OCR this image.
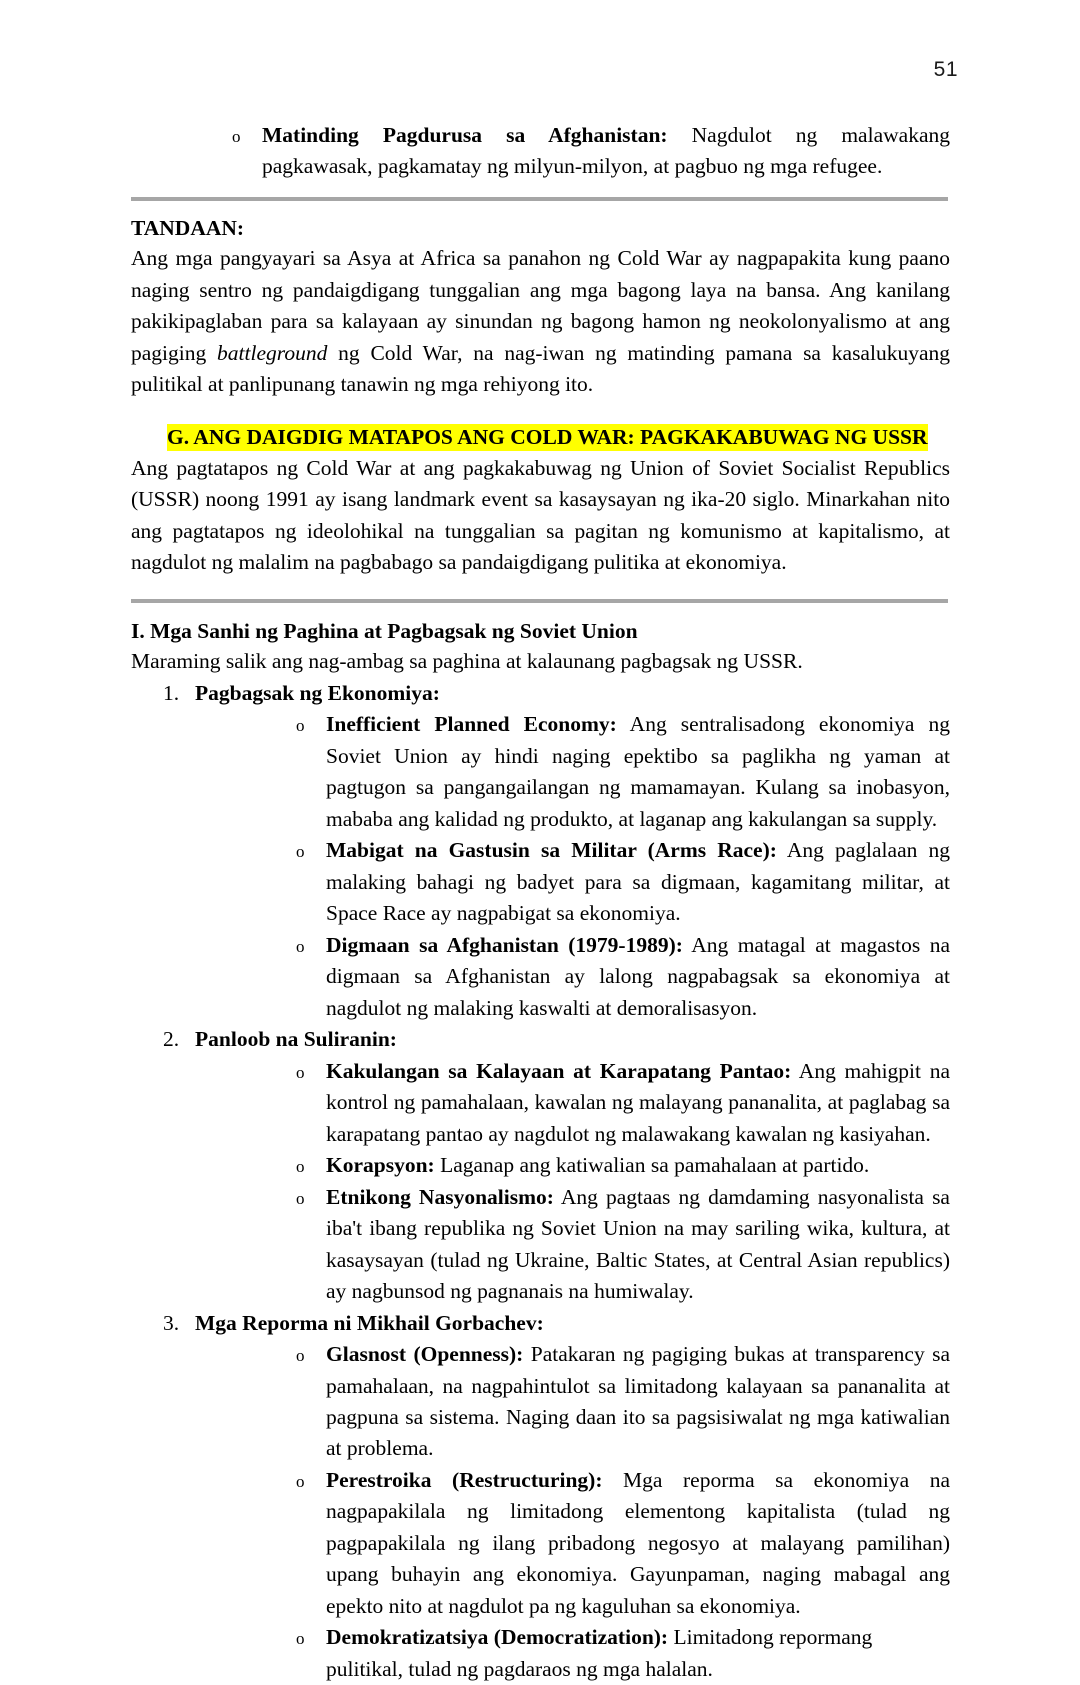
51
o Matinding Pagdurusa sa Afghanistan: Nagdulot ng malawakang pagkawasak, pagkamatay ng milyun-milyon, at pagbuo ng mga refugee.
TANDAAN:

Ang mga pangyayari sa Asya at Africa sa panahon ng Cold War ay nagpapakita kung paano naging sentro ng pandaigdigang tunggalian ang mga bagong laya na bansa. Ang kanilang pakikipaglaban para sa kalayaan ay sinundan ng bagong hamon ng neokolonyalismo at ang pagiging battleground ng Cold War, na nag-iwan ng matinding pamana sa kasalukuyang pulitikal at panlipunang tanawin ng mga rehiyong ito.

G. ANG DAIGDIG MATAPOS ANG COLD WAR: PAGKAKABUWAG NG USSR

Ang pagtatapos ng Cold War at ang pagkakabuwag ng Union of Soviet Socialist Republics (USSR) noong 1991 ay isang landmark event sa kasaysayan ng ika-20 siglo. Minarkahan nito ang pagtatapos ng ideolohikal na tunggalian sa pagitan ng komunismo at kapitalismo, at nagdulot ng malalim na pagbabago sa pandaigdigang pulitika at ekonomiya.

I. Mga Sanhi ng Paghina at Pagbagsak ng Soviet Union
Maraming salik ang nag-ambag sa paghina at kalaunang pagbagsak ng USSR.
1. Pagbagsak ng Ekonomiya:
o Inefficient Planned Economy: Ang sentralisadong ekonomiya ng Soviet Union ay hindi naging epektibo sa paglikha ng yaman at pagtugon sa pangangailangan ng mamamayan. Kulang sa inobasyon, mababa ang kalidad ng produkto, at laganap ang kakulangan sa supply.
o Mabigat na Gastusin sa Militar (Arms Race): Ang paglalaan ng malaking bahagi ng badyet para sa digmaan, kagamitang militar, at Space Race ay nagpabigat sa ekonomiya.
o Digmaan sa Afghanistan (1979-1989): Ang matagal at magastos na digmaan sa Afghanistan ay lalong nagpabagsak sa ekonomiya at nagdulot ng malaking kaswalti at demoralisasyon.
2. Panloob na Suliranin:
o Kakulangan sa Kalayaan at Karapatang Pantao: Ang mahigpit na kontrol ng pamahalaan, kawalan ng malayang pananalita, at paglabag sa karapatang pantao ay nagdulot ng malawakang kawalan ng kasiyahan.
o Korapsyon: Laganap ang katiwalian sa pamahalaan at partido.
o Etnikong Nasyonalismo: Ang pagtaas ng damdaming nasyonalista sa iba't ibang republika ng Soviet Union na may sariling wika, kultura, at kasaysayan (tulad ng Ukraine, Baltic States, at Central Asian republics) ay nagbunsod ng pagnanais na humiwalay.
3. Mga Reporma ni Mikhail Gorbachev:
o Glasnost (Openness): Patakaran ng pagiging bukas at transparency sa pamahalaan, na nagpahintulot sa limitadong kalayaan sa pananalita at pagpuna sa sistema. Naging daan ito sa pagsisiwalat ng mga katiwalian at problema.
o Perestroika (Restructuring): Mga reporma sa ekonomiya na nagpapakilala ng limitadong elementong kapitalista (tulad ng pagpapakilala ng ilang pribadong negosyo at malayang pamilihan) upang buhayin ang ekonomiya. Gayunpaman, naging mabagal ang epekto nito at nagdulot pa ng kaguluhan sa ekonomiya.
o Demokratizatsiya (Democratization): Limitadong repormang pulitikal, tulad ng pagdaraos ng mga halalan.
